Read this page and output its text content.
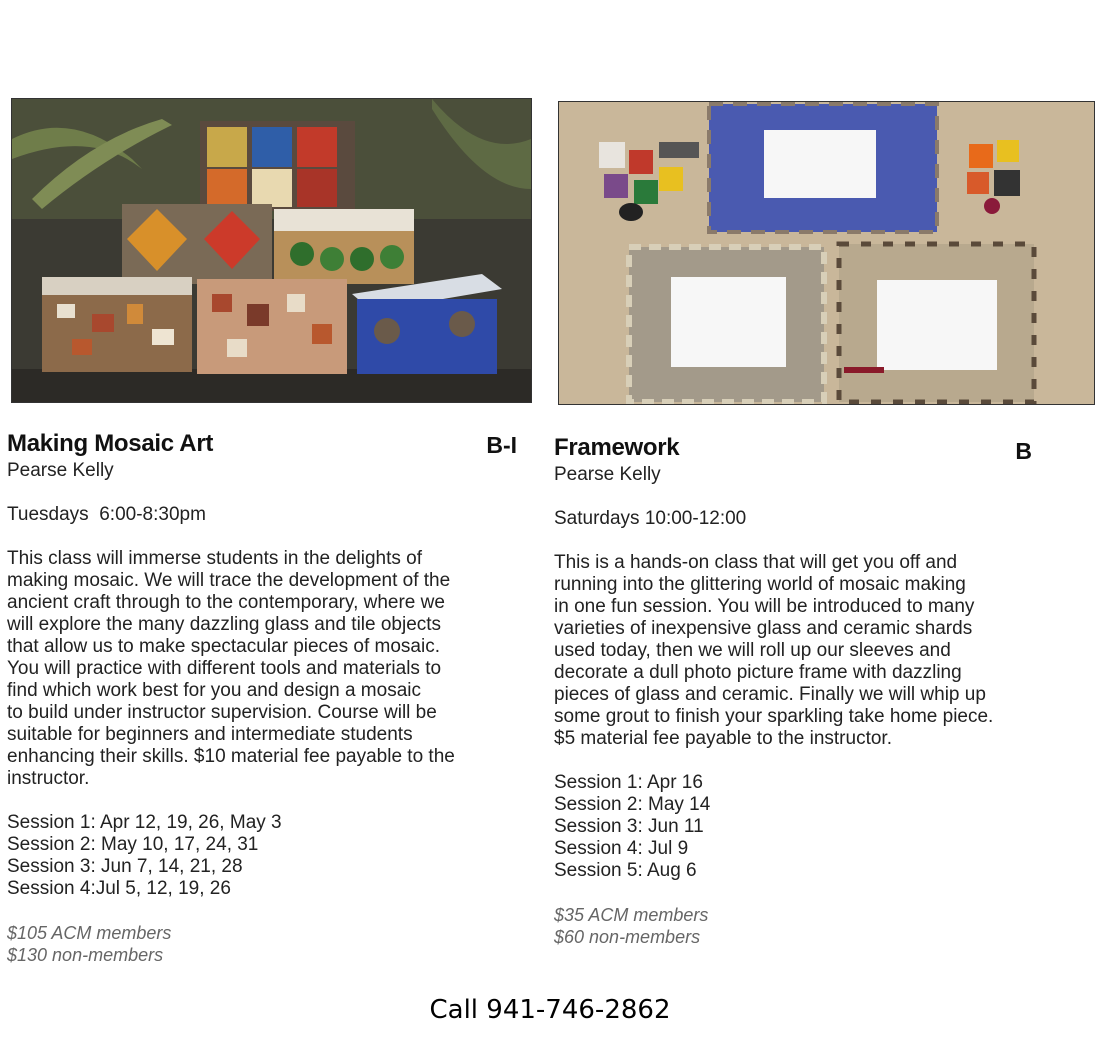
Making Mosaic Art	B-I
Pearse Kelly
Tuesdays  6:00-8:30pm
This class will immerse students in the delights of
making mosaic. We will trace the development of the
ancient craft through to the contemporary, where we
will explore the many dazzling glass and tile objects
that allow us to make spectacular pieces of mosaic.
You will practice with different tools and materials to
find which work best for you and design a mosaic
to build under instructor supervision. Course will be
suitable for beginners and intermediate students
enhancing their skills. $10 material fee payable to the
instructor.
Session 1: Apr 12, 19, 26, May 3
Session 2: May 10, 17, 24, 31
Session 3: Jun 7, 14, 21, 28
Session 4:Jul 5, 12, 19, 26
$105 ACM members
$130 non-members
Framework	B
Pearse Kelly
Saturdays 10:00-12:00
This is a hands-on class that will get you off and
running into the glittering world of mosaic making
in one fun session. You will be introduced to many
varieties of inexpensive glass and ceramic shards
used today, then we will roll up our sleeves and
decorate a dull photo picture frame with dazzling
pieces of glass and ceramic. Finally we will whip up
some grout to finish your sparkling take home piece.
$5 material fee payable to the instructor.
Session 1: Apr 16
Session 2: May 14
Session 3: Jun 11
Session 4: Jul 9
Session 5: Aug 6
$35 ACM members
$60 non-members
Call 941-746-2862
